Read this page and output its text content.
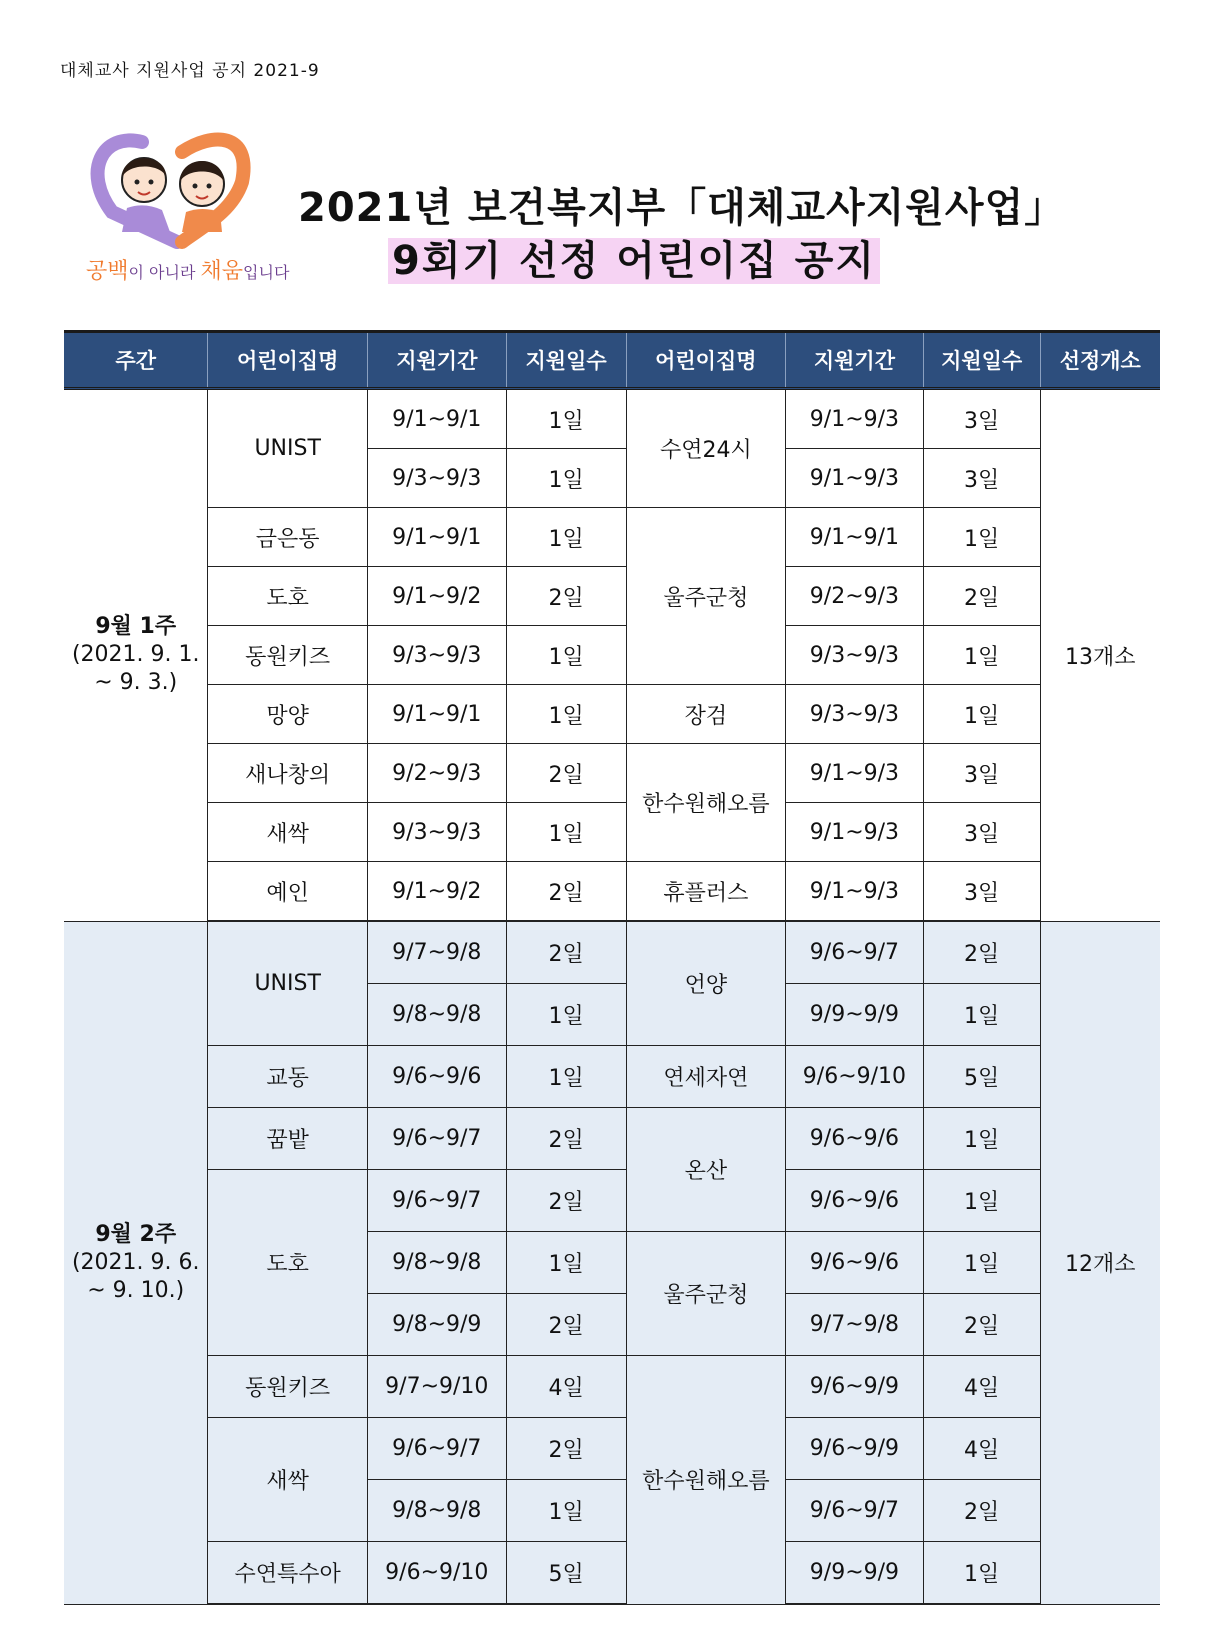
대체교사 지원사업 공지 2021-9
공백이 아니라 채움입니다
2021년 보건복지부「대체교사지원사업」
9회기 선정 어린이집 공지
주간	어린이집명	지원기간	지원일수	어린이집명	지원기간	지원일수	선정개소

9월 1주
(2021. 9. 1.
~ 9. 3.)	UNIST	9/1~9/1	1일	수연24시	9/1~9/3	3일	13개소
		9/3~9/3	1일		9/1~9/3	3일	
	금은동	9/1~9/1	1일	울주군청	9/1~9/1	1일	
	도호	9/1~9/2	2일		9/2~9/3	2일	
	동원키즈	9/3~9/3	1일		9/3~9/3	1일	
	망양	9/1~9/1	1일	장검	9/3~9/3	1일	
	새나창의	9/2~9/3	2일	한수원해오름	9/1~9/3	3일	
	새싹	9/3~9/3	1일		9/1~9/3	3일	
	예인	9/1~9/2	2일	휴플러스	9/1~9/3	3일	

9월 2주
(2021. 9. 6.
~ 9. 10.)	UNIST	9/7~9/8	2일	언양	9/6~9/7	2일	12개소
		9/8~9/8	1일		9/9~9/9	1일	
	교동	9/6~9/6	1일	연세자연	9/6~9/10	5일	
	꿈밭	9/6~9/7	2일	온산	9/6~9/6	1일	
	도호	9/6~9/7	2일		9/6~9/6	1일	
		9/8~9/8	1일	울주군청	9/6~9/6	1일	
		9/8~9/9	2일		9/7~9/8	2일	
	동원키즈	9/7~9/10	4일	한수원해오름	9/6~9/9	4일	
	새싹	9/6~9/7	2일		9/6~9/9	4일	
		9/8~9/8	1일		9/6~9/7	2일	
	수연특수아	9/6~9/10	5일		9/9~9/9	1일	
